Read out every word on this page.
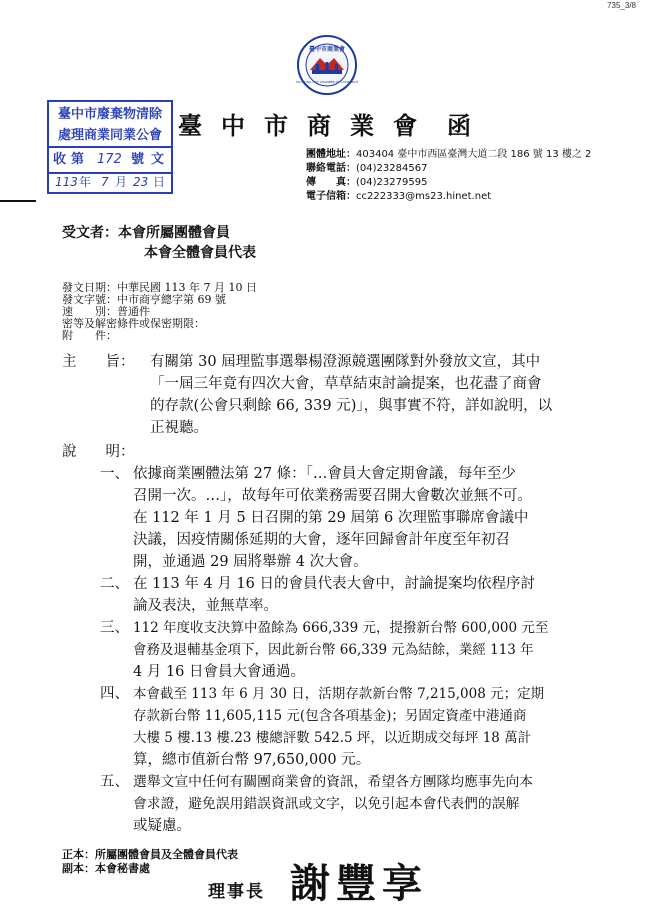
735_3/8
臺中市商業會
TAICHUNG CITY CHAMBER OF COMMERCE
臺中市廢棄物清除
處理商業同業公會
收 第 172 號 文
113 年 7 月 23 日
臺中市商業會 函
團體地址：403404 臺中市西區臺灣大道二段 186 號 13 樓之 2
聯絡電話：(04)23284567
傳　　真：(04)23279595
電子信箱：cc222333@ms23.hinet.net
受文者：本會所屬團體會員
本會全體會員代表
發文日期：中華民國 113 年 7 月 10 日
發文字號：中市商亨總字第 69 號
速　　別：普通件
密等及解密條件或保密期限：
附　　件：
主　　旨： 有關第 30 屆理監事選舉楊澄源競選團隊對外發放文宣，其中
「一屆三年竟有四次大會，草草結束討論提案，也花盡了商會
的存款(公會只剩餘 66, 339 元)」，與事實不符，詳如說明，以
正視聽。
說　　明：
一、 依據商業團體法第 27 條：「…會員大會定期會議，每年至少
召開一次。…」，故每年可依業務需要召開大會數次並無不可。
在 112 年 1 月 5 日召開的第 29 屆第 6 次理監事聯席會議中
決議，因疫情關係延期的大會，逐年回歸會計年度至年初召
開，並通過 29 屆將舉辦 4 次大會。
二、 在 113 年 4 月 16 日的會員代表大會中，討論提案均依程序討
論及表決，並無草率。
三、 112 年度收支決算中盈餘為 666,339 元，提撥新台幣 600,000 元至
會務及退輔基金項下，因此新台幣 66,339 元為結餘，業經 113 年
4 月 16 日會員大會通過。
四、 本會截至 113 年 6 月 30 日，活期存款新台幣 7,215,008 元；定期
存款新台幣 11,605,115 元(包含各項基金)；另固定資產中港通商
大樓 5 樓.13 樓.23 樓總評數 542.5 坪，以近期成交每坪 18 萬計
算，總市值新台幣 97,650,000 元。
五、 選舉文宣中任何有關團商業會的資訊，希望各方團隊均應事先向本
會求證，避免誤用錯誤資訊或文字，以免引起本會代表們的誤解
或疑慮。
正本：所屬團體會員及全體會員代表
副本：本會秘書處
理事長 謝豐享
